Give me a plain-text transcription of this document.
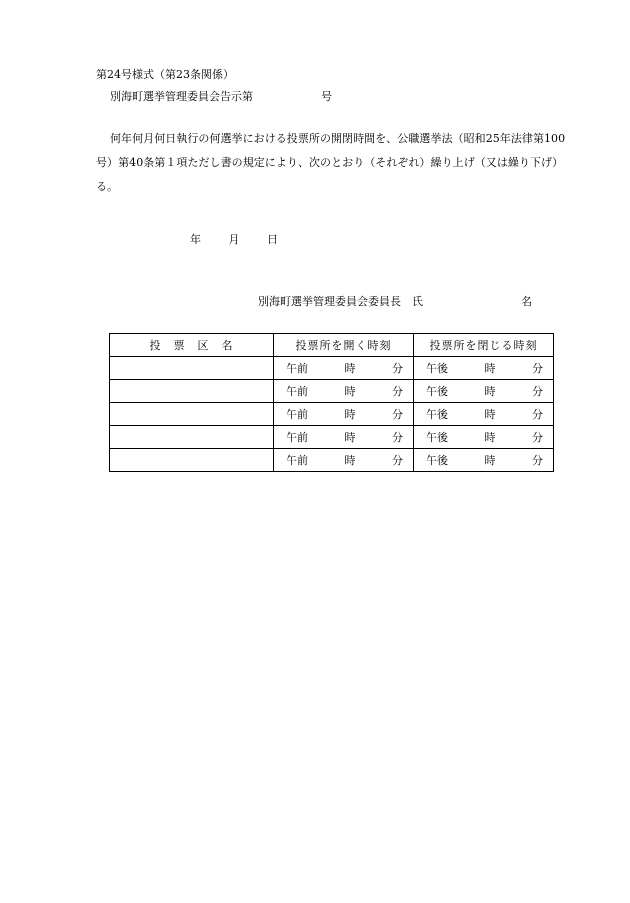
第24号様式（第23条関係）
別海町選挙管理委員会告示第	号
何年何月何日執行の何選挙における投票所の開閉時間を、公職選挙法（昭和25年法律第100号）第40条第１項ただし書の規定により、次のとおり（それぞれ）繰り上げ（又は繰り下げ）る。
年	月	日
別海町選挙管理委員会委員長　氏	名
投　票　区　名	投票所を開く時刻	投票所を閉じる時刻

	午前 時 分	午後 時 分

	午前 時 分	午後 時 分

	午前 時 分	午後 時 分

	午前 時 分	午後 時 分

	午前 時 分	午後 時 分
